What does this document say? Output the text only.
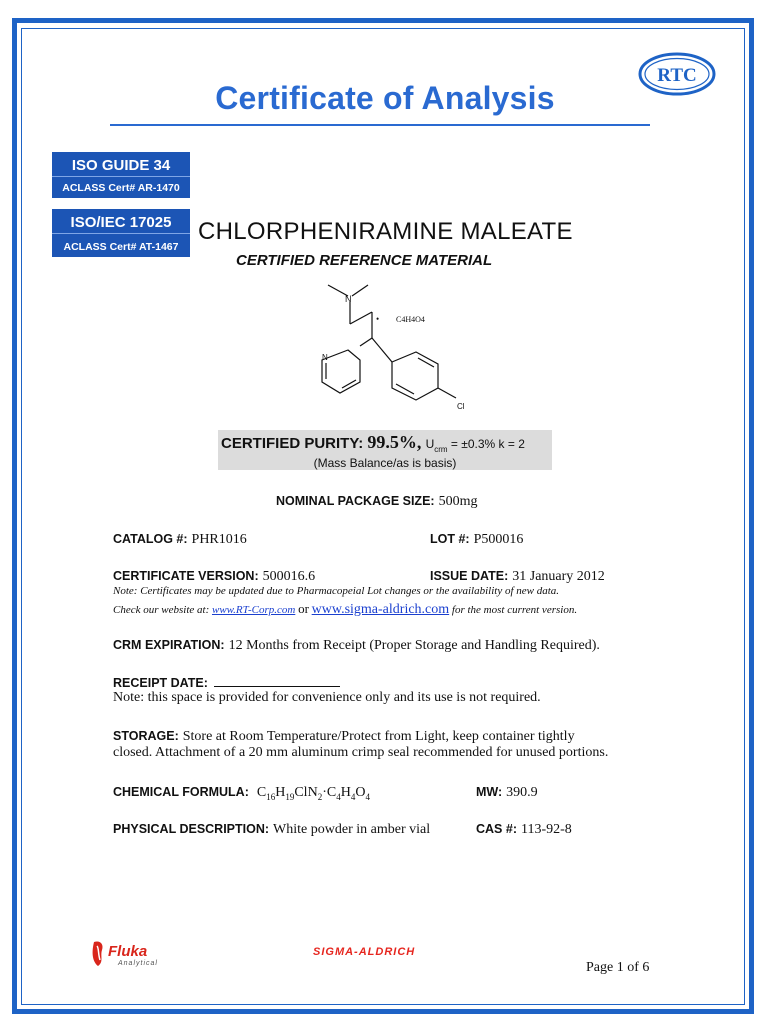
RTC
Certificate of Analysis
ISO GUIDE 34
ACLASS Cert# AR-1470
ISO/IEC 17025
ACLASS Cert# AT-1467
CHLORPHENIRAMINE MALEATE
CERTIFIED REFERENCE MATERIAL
N
• C4H4O4
N
Cl
CERTIFIED PURITY: 99.5%, $U_{crm} = \pm 0.3\%$ k = 2
(Mass Balance/as is basis)
NOMINAL PACKAGE SIZE: 500mg
CATALOG #: PHR1016	LOT #: P500016
CERTIFICATE VERSION: 500016.6	ISSUE DATE: 31 January 2012
Note: Certificates may be updated due to Pharmacopeial Lot changes or the availability of new data.
Check our website at: www.RT-Corp.com or www.sigma-aldrich.com for the most current version.
CRM EXPIRATION: 12 Months from Receipt (Proper Storage and Handling Required).
RECEIPT DATE:
Note: this space is provided for convenience only and its use is not required.
STORAGE: Store at Room Temperature/Protect from Light, keep container tightly
closed. Attachment of a 20 mm aluminum crimp seal recommended for unused portions.
CHEMICAL FORMULA: $C_{16}H_{19}ClN_2\cdot C_4H_4O_4$	MW: 390.9
PHYSICAL DESCRIPTION: White powder in amber vial	CAS #: 113-92-8
Fluka
Analytical
SIGMA-ALDRICH
Page 1 of 6
